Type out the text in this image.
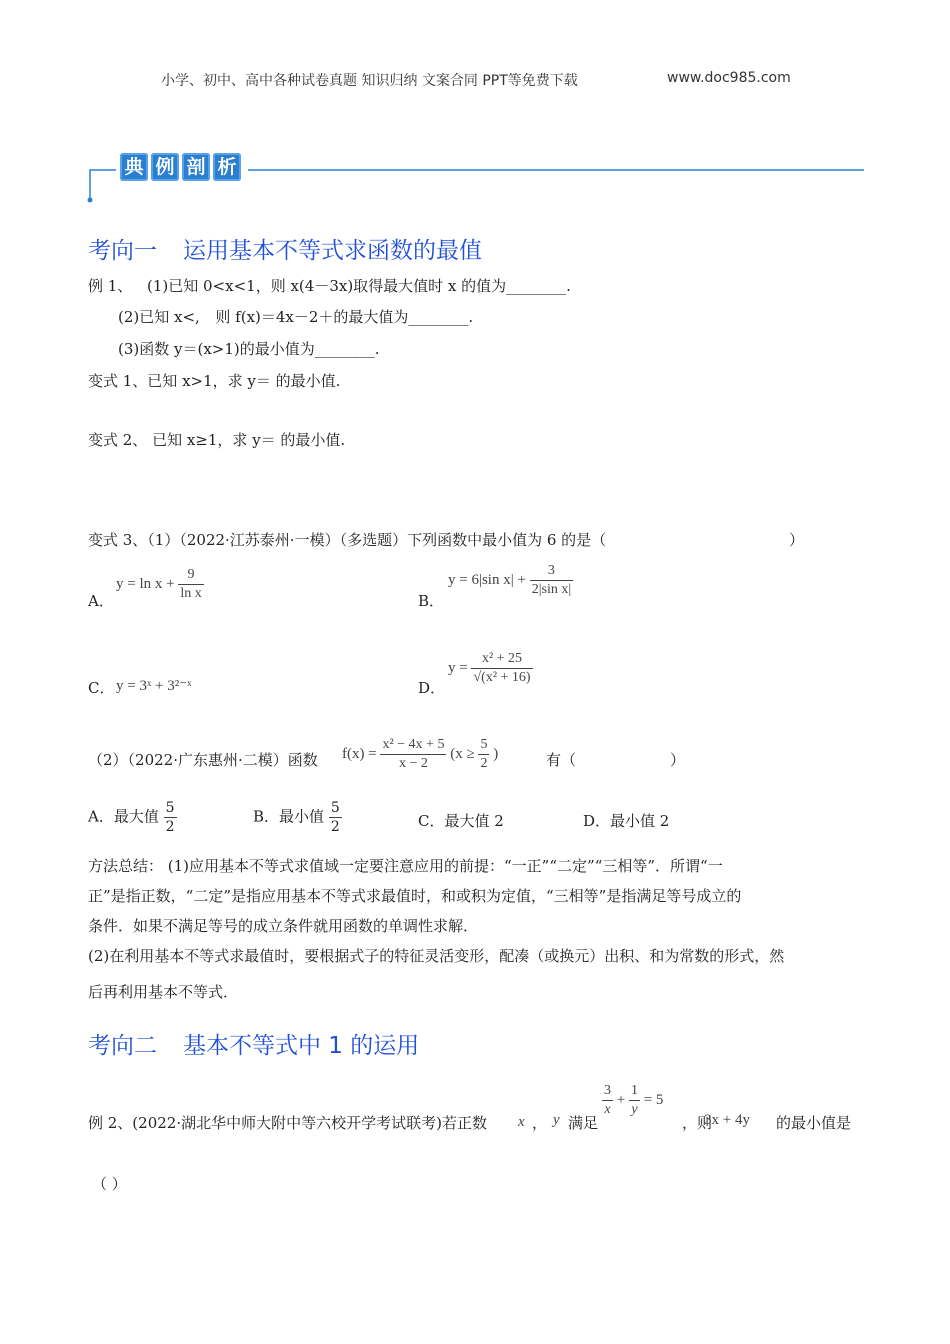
小学、初中、高中各种试卷真题 知识归纳 文案合同 PPT等免费下载	www.doc985.com
典 例 剖 析
考向一 运用基本不等式求函数的最值
例 1、 (1)已知 0<x<1，则 x(4－3x)取得最大值时 x 的值为________.
(2)已知 x<, 则 f(x)＝4x－2＋的最大值为________.
(3)函数 y＝(x>1)的最小值为________.
变式 1、已知 x>1，求 y＝ 的最小值.
变式 2、 已知 x≥1，求 y＝ 的最小值.
变式 3、（1）（2022·江苏泰州·一模）（多选题）下列函数中最小值为 6 的是（	）
A．
$y = \ln x + \frac{9}{\text{ln x}}$	B．
y = 6|sin $x| + \frac{3}{\text{2|sin x|}}$
C． y = 3ˣ + 3²⁻ˣ	D．
$y = \frac{\text{x² + 25}}{\text{√(x² + 16)}}$
（2）（2022·广东惠州·二模）函数 $f(x) = \frac{\text{x² − 4x + 5}}{x - 2} (x \ge \frac{5}{2}$ )	有（	）
A．最大值 $\frac{5}{2}$	B．最小值 $\frac{5}{2}$	C．最大值 2	D．最小值 2
方法总结： (1)应用基本不等式求值域一定要注意应用的前提：“一正”“二定”“三相等”．所谓“一
正”是指正数，“二定”是指应用基本不等式求最值时，和或积为定值，“三相等”是指满足等号成立的
条件．如果不满足等号的成立条件就用函数的单调性求解．
(2)在利用基本不等式求最值时，要根据式子的特征灵活变形，配凑（或换元）出积、和为常数的形式，然
后再利用基本不等式．
考向二 基本不等式中 1 的运用
例 2、(2022·湖北华中师大附中等六校开学考试联考)若正数 x ， y 满足
$\frac{3}{x} + \frac{1}{y} = 5$
，则
3x + 4y 的最小值是
（ ）
